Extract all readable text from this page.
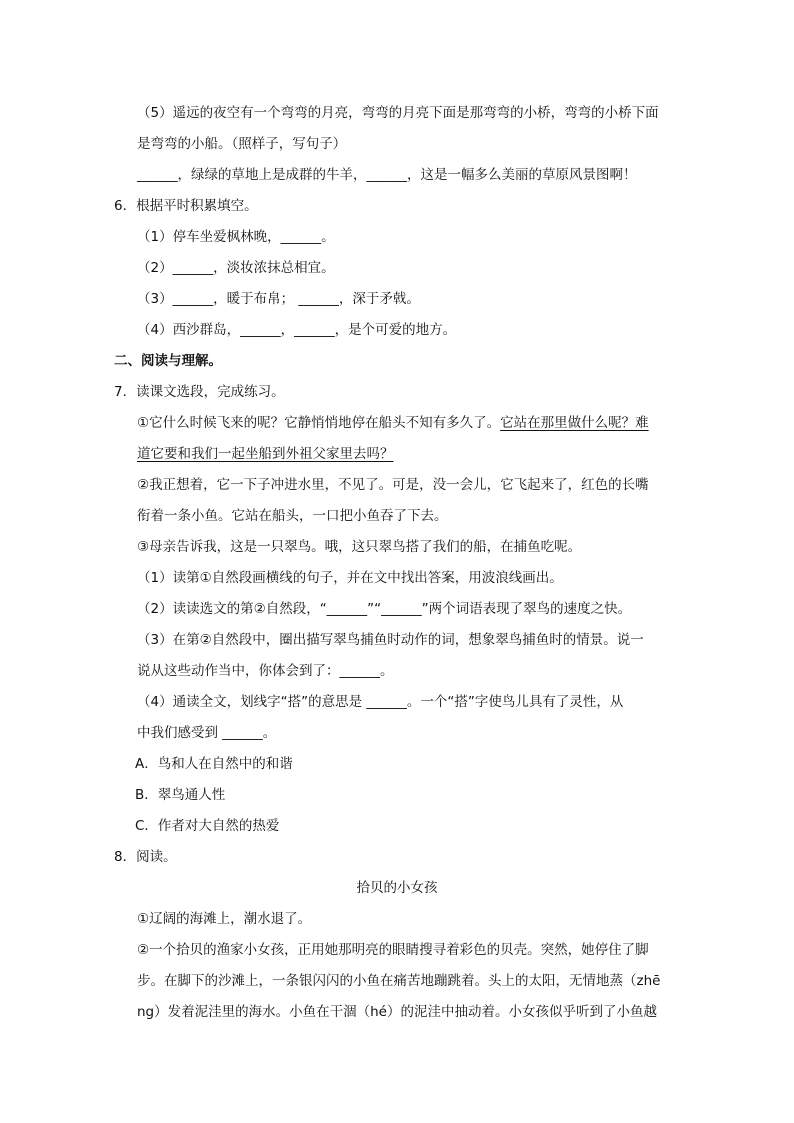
（5）遥远的夜空有一个弯弯的月亮，弯弯的月亮下面是那弯弯的小桥，弯弯的小桥下面
是弯弯的小船。（照样子，写句子）
______，绿绿的草地上是成群的牛羊，______，这是一幅多么美丽的草原风景图啊！
6．根据平时积累填空。
（1）停车坐爱枫林晚，______。
（2）______，淡妆浓抹总相宜。
（3）______，暖于布帛； ______，深于矛戟。
（4）西沙群岛，______，______，是个可爱的地方。
二、阅读与理解。
7．读课文选段，完成练习。
①它什么时候飞来的呢？它静悄悄地停在船头不知有多久了。它站在那里做什么呢？难
道它要和我们一起坐船到外祖父家里去吗？
②我正想着，它一下子冲进水里，不见了。可是，没一会儿，它飞起来了，红色的长嘴
衔着一条小鱼。它站在船头，一口把小鱼吞了下去。
③母亲告诉我，这是一只翠鸟。哦，这只翠鸟搭了我们的船，在捕鱼吃呢。
（1）读第①自然段画横线的句子，并在文中找出答案，用波浪线画出。
（2）读读选文的第②自然段，“______”“______”两个词语表现了翠鸟的速度之快。
（3）在第②自然段中，圈出描写翠鸟捕鱼时动作的词，想象翠鸟捕鱼时的情景。说一
说从这些动作当中，你体会到了：______。
（4）通读全文，划线字“搭”的意思是 ______。一个“搭”字使鸟儿具有了灵性，从
中我们感受到 ______。
A．鸟和人在自然中的和谐
B．翠鸟通人性
C．作者对大自然的热爱
8．阅读。
拾贝的小女孩
①辽阔的海滩上，潮水退了。
②一个拾贝的渔家小女孩，正用她那明亮的眼睛搜寻着彩色的贝壳。突然，她停住了脚
步。在脚下的沙滩上，一条银闪闪的小鱼在痛苦地蹦跳着。头上的太阳，无情地蒸（zhē
ng）发着泥洼里的海水。小鱼在干涸（hé）的泥洼中抽动着。小女孩似乎听到了小鱼越
